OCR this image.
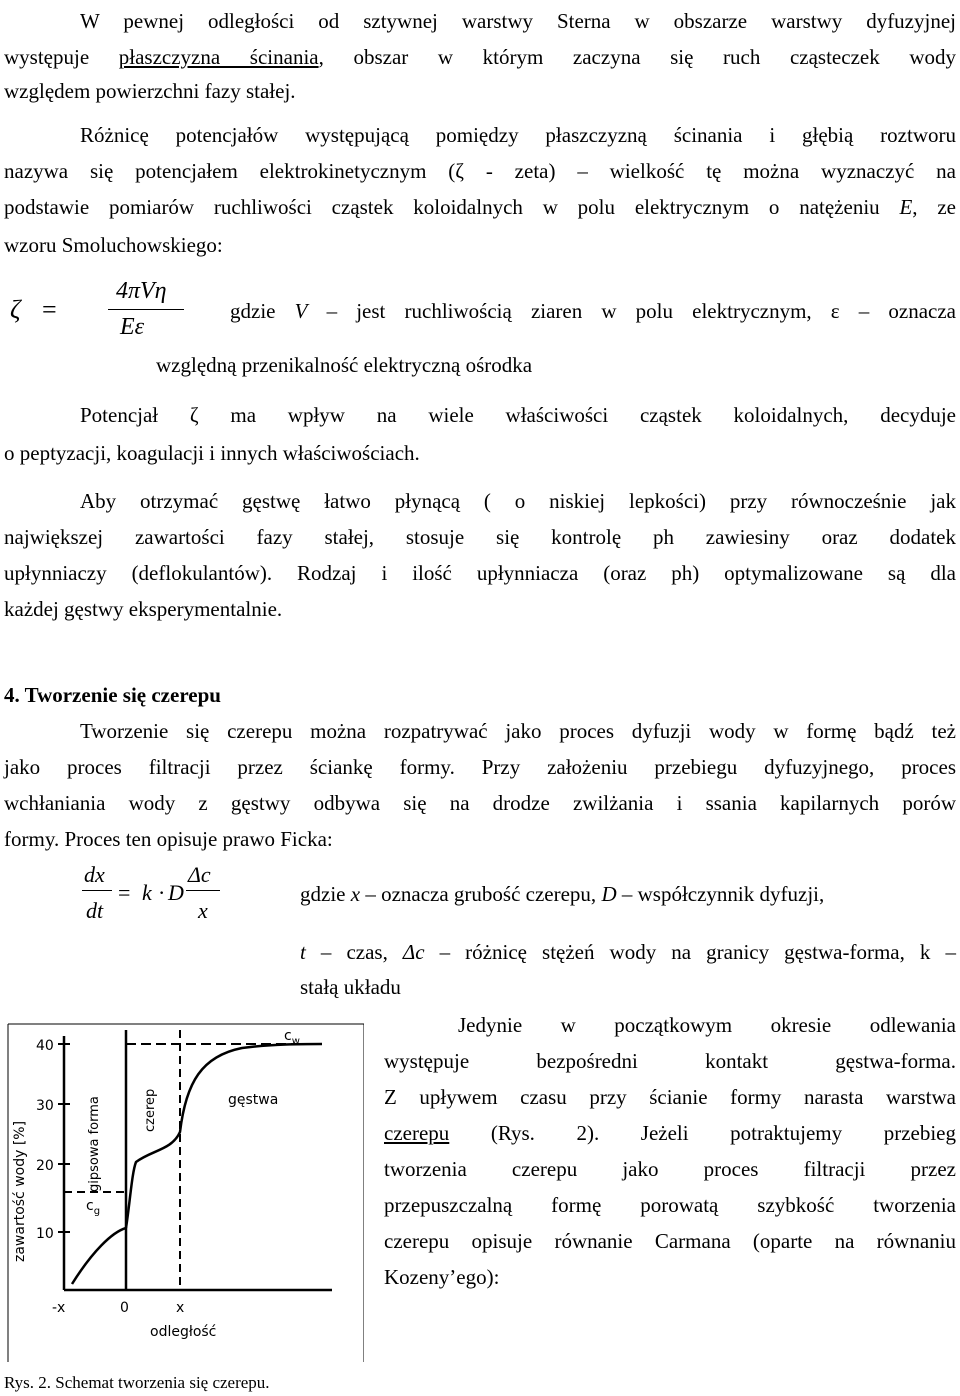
W pewnej odległości od sztywnej warstwy Sterna w obszarze warstwy dyfuzyjnej
występuje płaszczyzna ścinania, obszar w którym zaczyna się ruch cząsteczek wody
względem powierzchni fazy stałej.
Różnicę potencjałów występującą pomiędzy płaszczyzną ścinania i głębią roztworu
nazywa się potencjałem elektrokinetycznym (ζ - zeta) – wielkość tę można wyznaczyć na
podstawie pomiarów ruchliwości cząstek koloidalnych w polu elektrycznym o natężeniu E, ze
wzoru Smoluchowskiego:
ζ =
4πVη
Eε
gdzie V – jest ruchliwością ziaren w polu elektrycznym, ε – oznacza
względną przenikalność elektryczną ośrodka
Potencjał ζ ma wpływ na wiele właściwości cząstek koloidalnych, decyduje
o peptyzacji, koagulacji i innych właściwościach.
Aby otrzymać gęstwę łatwo płynącą ( o niskiej lepkości) przy równocześnie jak
największej zawartości fazy stałej, stosuje się kontrolę ph zawiesiny oraz dodatek
upłynniaczy (deflokulantów). Rodzaj i ilość upłynniacza (oraz ph) optymalizowane są dla
każdej gęstwy eksperymentalnie.
4. Tworzenie się czerepu
Tworzenie się czerepu można rozpatrywać jako proces dyfuzji wody w formę bądź też
jako proces filtracji przez ściankę formy. Przy założeniu przebiegu dyfuzyjnego, proces
wchłaniania wody z gęstwy odbywa się na drodze zwilżania i ssania kapilarnych porów
formy. Proces ten opisuje prawo Ficka:
dx
dt
= k · D
Δc
x
gdzie x – oznacza grubość czerepu, D – współczynnik dyfuzji,
t – czas, Δc – różnicę stężeń wody na granicy gęstwa-forma, k –
stałą układu
Jedynie w początkowym okresie odlewania
występuje bezpośredni kontakt gęstwa-forma.
Z upływem czasu przy ścianie formy narasta warstwa
czerepu (Rys. 2). Jeżeli potraktujemy przebieg
tworzenia czerepu jako proces filtracji przez
przepuszczalną formę porowatą szybkość tworzenia
czerepu opisuje równanie Carmana (oparte na równaniu
Kozeny’ego):
40
30
20
10
zawartość wody [%]	gipsowa forma	czerep	gęstwa
$c_w$
$c_g$
-x	0	x
odległość
Rys. 2. Schemat tworzenia się czerepu.
